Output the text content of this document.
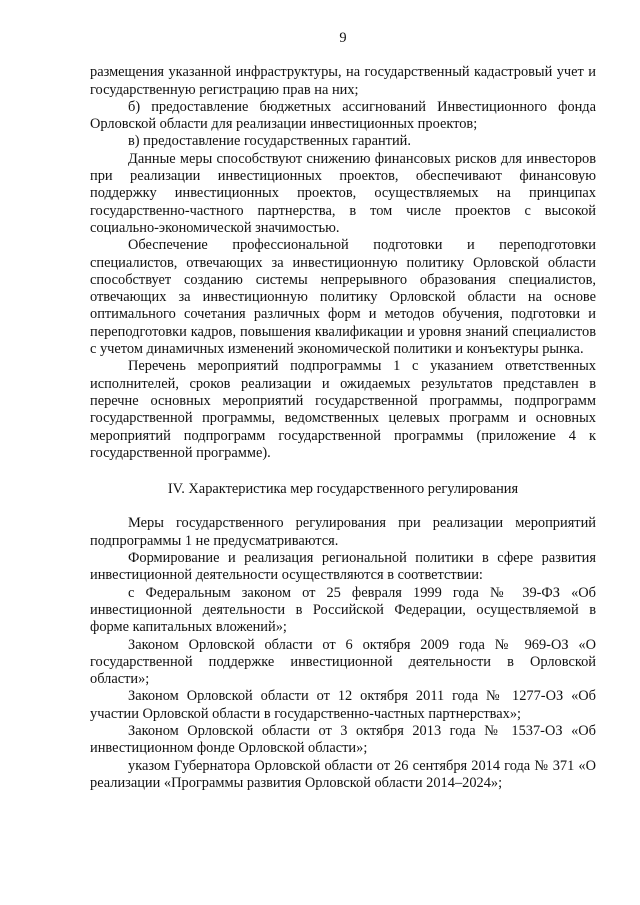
9

размещения указанной инфраструктуры, на государственный кадастровый учет и государственную регистрацию прав на них;

б) предоставление бюджетных ассигнований Инвестиционного фонда Орловской области для реализации инвестиционных проектов;

в) предоставление государственных гарантий.

Данные меры способствуют снижению финансовых рисков для инвесторов при реализации инвестиционных проектов, обеспечивают финансовую поддержку инвестиционных проектов, осуществляемых на принципах государственно-частного партнерства, в том числе проектов с высокой социально-экономической значимостью.

Обеспечение профессиональной подготовки и переподготовки специалистов, отвечающих за инвестиционную политику Орловской области способствует созданию системы непрерывного образования специалистов, отвечающих за инвестиционную политику Орловской области на основе оптимального сочетания различных форм и методов обучения, подготовки и переподготовки кадров, повышения квалификации и уровня знаний специалистов с учетом динамичных изменений экономической политики и конъектуры рынка.

Перечень мероприятий подпрограммы 1 с указанием ответственных исполнителей, сроков реализации и ожидаемых результатов представлен в перечне основных мероприятий государственной программы, подпрограмм государственной программы, ведомственных целевых программ и основных мероприятий подпрограмм государственной программы (приложение 4 к государственной программе).

IV. Характеристика мер государственного регулирования

Меры государственного регулирования при реализации мероприятий подпрограммы 1 не предусматриваются.

Формирование и реализация региональной политики в сфере развития инвестиционной деятельности осуществляются в соответствии:

с Федеральным законом от 25 февраля 1999 года № 39-ФЗ «Об инвестиционной деятельности в Российской Федерации, осуществляемой в форме капитальных вложений»;

Законом Орловской области от 6 октября 2009 года № 969-ОЗ «О государственной поддержке инвестиционной деятельности в Орловской области»;

Законом Орловской области от 12 октября 2011 года № 1277-ОЗ «Об участии Орловской области в государственно-частных партнерствах»;

Законом Орловской области от 3 октября 2013 года № 1537-ОЗ «Об инвестиционном фонде Орловской области»;

указом Губернатора Орловской области от 26 сентября 2014 года № 371 «О реализации «Программы развития Орловской области 2014–2024»;
